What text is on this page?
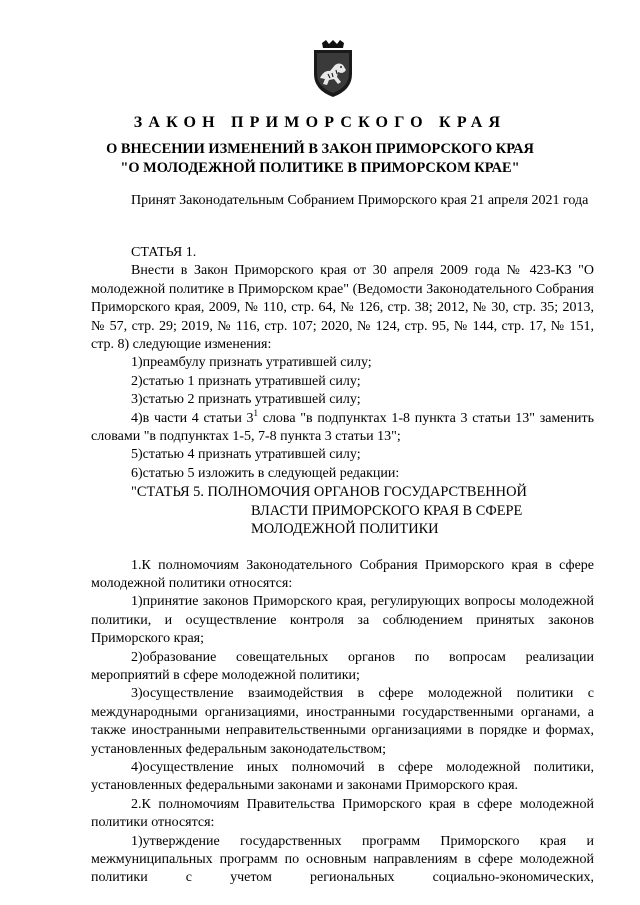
ЗАКОН ПРИМОРСКОГО КРАЯ
О ВНЕСЕНИИ ИЗМЕНЕНИЙ В ЗАКОН ПРИМОРСКОГО КРАЯ
"О МОЛОДЕЖНОЙ ПОЛИТИКЕ В ПРИМОРСКОМ КРАЕ"

Принят Законодательным Собранием Приморского края 21 апреля 2021 года

СТАТЬЯ 1.

Внести в Закон Приморского края от 30 апреля 2009 года № 423-КЗ "О молодежной политике в Приморском крае" (Ведомости Законодательного Собрания Приморского края, 2009, № 110, стр. 64, № 126, стр. 38; 2012, № 30, стр. 35; 2013, № 57, стр. 29; 2019, № 116, стр. 107; 2020, № 124, стр. 95, № 144, стр. 17, № 151, стр. 8) следующие изменения:

1)преамбулу признать утратившей силу;

2)статью 1 признать утратившей силу;

3)статью 2 признать утратившей силу;

4)в части 4 статьи $3^1$ слова "в подпунктах 1-8 пункта 3 статьи 13" заменить словами "в подпунктах 1-5, 7-8 пункта 3 статьи 13";

5)статью 4 признать утратившей силу;

6)статью 5 изложить в следующей редакции:

"СТАТЬЯ 5. ПОЛНОМОЧИЯ ОРГАНОВ ГОСУДАРСТВЕННОЙ

ВЛАСТИ ПРИМОРСКОГО КРАЯ В СФЕРЕ

МОЛОДЕЖНОЙ ПОЛИТИКИ

1.К полномочиям Законодательного Собрания Приморского края в сфере молодежной политики относятся:

1)принятие законов Приморского края, регулирующих вопросы молодежной политики, и осуществление контроля за соблюдением принятых законов Приморского края;

2)образование совещательных органов по вопросам реализации мероприятий в сфере молодежной политики;

3)осуществление взаимодействия в сфере молодежной политики с международными организациями, иностранными государственными органами, а также иностранными неправительственными организациями в порядке и формах, установленных федеральным законодательством;

4)осуществление иных полномочий в сфере молодежной политики, установленных федеральными законами и законами Приморского края.

2.К полномочиям Правительства Приморского края в сфере молодежной политики относятся:

1)утверждение государственных программ Приморского края и межмуниципальных программ по основным направлениям в сфере молодежной политики с учетом региональных социально-экономических,
